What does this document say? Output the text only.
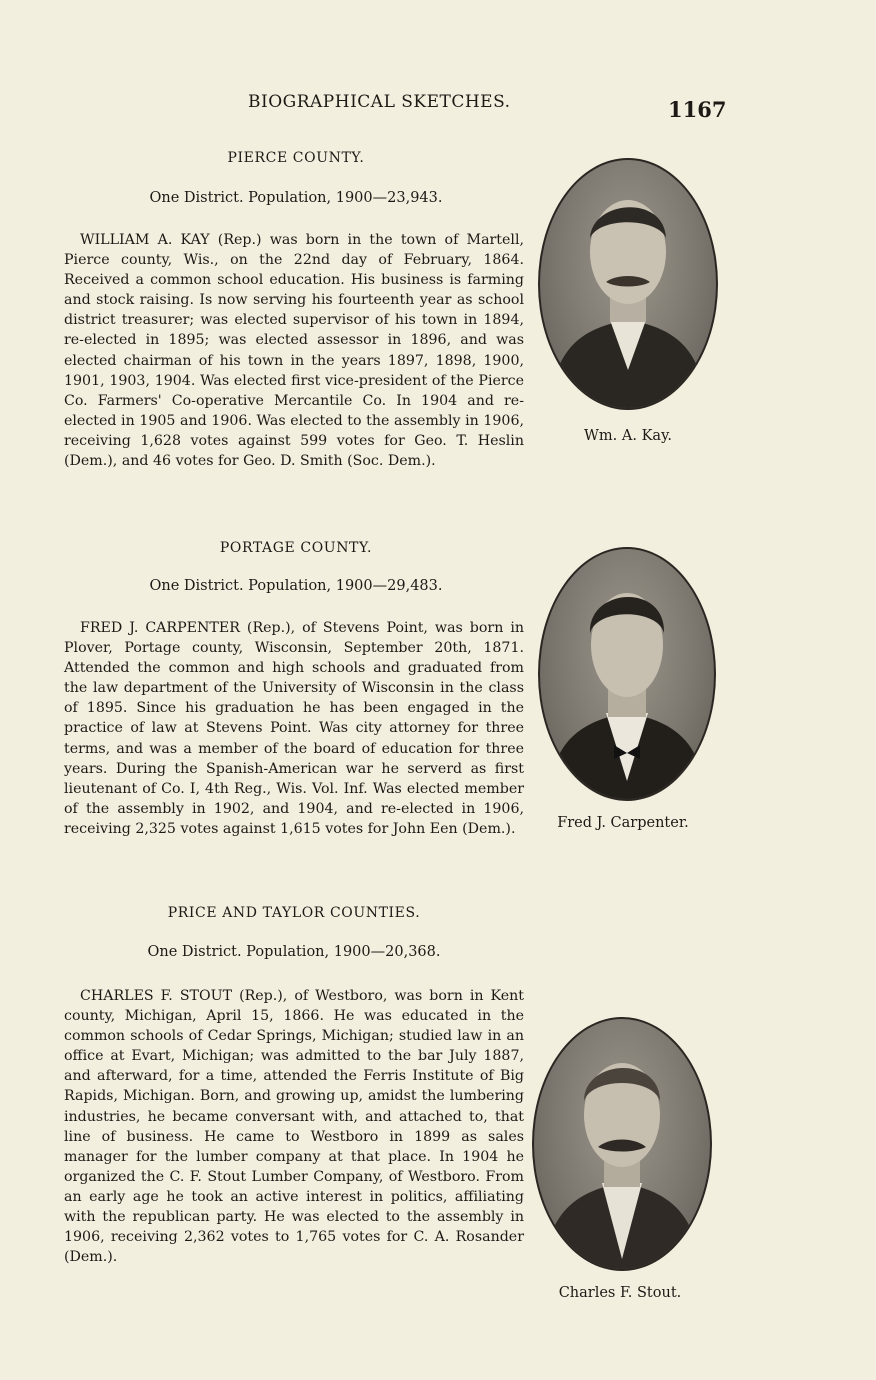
BIOGRAPHICAL SKETCHES.	1167
PIERCE COUNTY.
One District. Population, 1900—23,943.

WILLIAM A. KAY (Rep.) was born in the town of Martell, Pierce county, Wis., on the 22nd day of February, 1864. Received a common school education. His business is farming and stock raising. Is now serving his fourteenth year as school district treasurer; was elected supervisor of his town in 1894, re-elected in 1895; was elected assessor in 1896, and was elected chairman of his town in the years 1897, 1898, 1900, 1901, 1903, 1904. Was elected first vice-president of the Pierce Co. Farmers' Co-operative Mercantile Co. In 1904 and re-elected in 1905 and 1906. Was elected to the assembly in 1906, receiving 1,628 votes against 599 votes for Geo. T. Heslin (Dem.), and 46 votes for Geo. D. Smith (Soc. Dem.).

Wm. A. Kay.
PORTAGE COUNTY.
One District. Population, 1900—29,483.

FRED J. CARPENTER (Rep.), of Stevens Point, was born in Plover, Portage county, Wisconsin, September 20th, 1871. Attended the common and high schools and graduated from the law department of the University of Wisconsin in the class of 1895. Since his graduation he has been engaged in the practice of law at Stevens Point. Was city attorney for three terms, and was a member of the board of education for three years. During the Spanish-American war he serverd as first lieutenant of Co. I, 4th Reg., Wis. Vol. Inf. Was elected member of the assembly in 1902, and 1904, and re-elected in 1906, receiving 2,325 votes against 1,615 votes for John Een (Dem.).	Fred J. Carpenter.
PRICE AND TAYLOR COUNTIES.
One District. Population, 1900—20,368.

CHARLES F. STOUT (Rep.), of Westboro, was born in Kent county, Michigan, April 15, 1866. He was educated in the common schools of Cedar Springs, Michigan; studied law in an office at Evart, Michigan; was admitted to the bar July 1887, and afterward, for a time, attended the Ferris Institute of Big Rapids, Michigan. Born, and growing up, amidst the lumbering industries, he became conversant with, and attached to, that line of business. He came to Westboro in 1899 as sales manager for the lumber company at that place. In 1904 he organized the C. F. Stout Lumber Company, of Westboro. From an early age he took an active interest in politics, affiliating with the republican party. He was elected to the assembly in 1906, receiving 2,362 votes to 1,765 votes for C. A. Rosander (Dem.).

Charles F. Stout.
